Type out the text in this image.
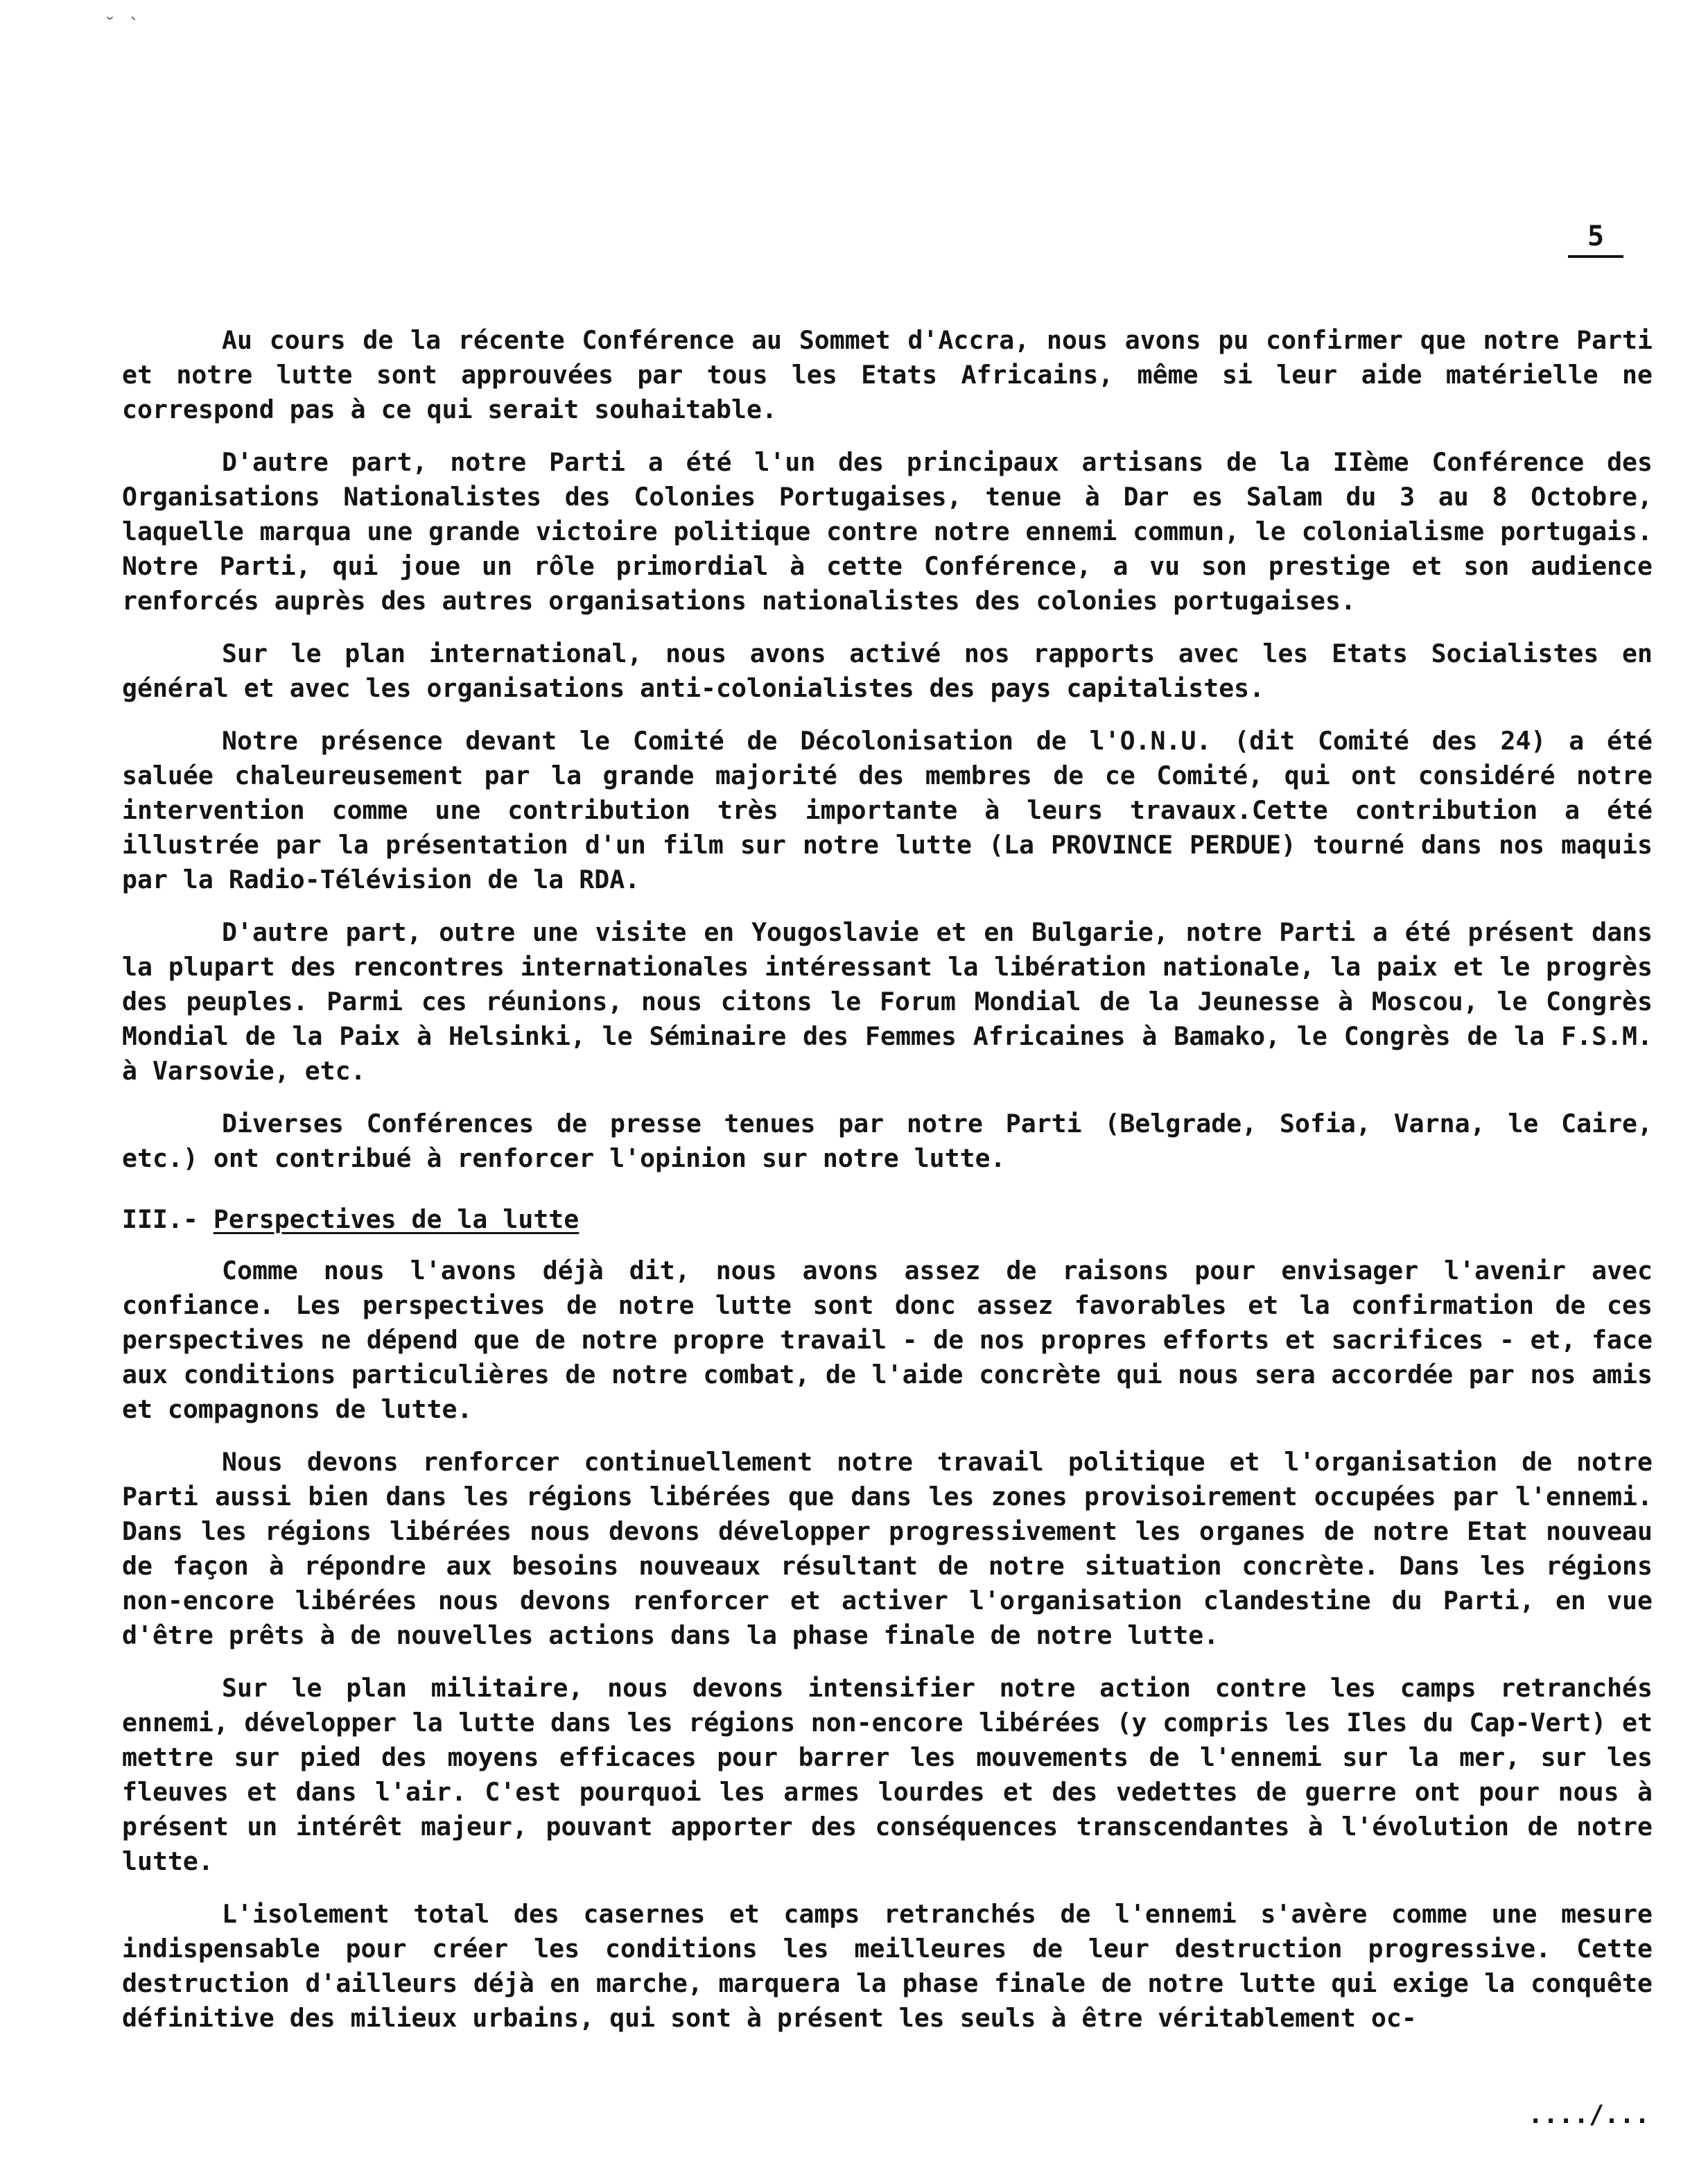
˘ ՝
5

Au cours de la récente Conférence au Sommet d'Accra, nous avons pu confirmer que notre Parti et notre lutte sont approuvées par tous les Etats Africains, même si leur aide matérielle ne correspond pas à ce qui serait souhaitable.

D'autre part, notre Parti a été l'un des principaux artisans de la IIème Conférence des Organisations Nationalistes des Colonies Portugaises, tenue à Dar es Salam du 3 au 8 Octobre, laquelle marqua une grande victoire politique contre notre ennemi commun, le colonialisme portugais. Notre Parti, qui joue un rôle primordial à cette Conférence, a vu son prestige et son audience renforcés auprès des autres organisations nationalistes des colonies portugaises.

Sur le plan international, nous avons activé nos rapports avec les Etats Socialistes en général et avec les organisations anti-colonialistes des pays capitalistes.

Notre présence devant le Comité de Décolonisation de l'O.N.U. (dit Comité des 24) a été saluée chaleureusement par la grande majorité des membres de ce Comité, qui ont considéré notre intervention comme une contribution très importante à leurs travaux.Cette contribution a été illustrée par la présentation d'un film sur notre lutte (La PROVINCE PERDUE) tourné dans nos maquis par la Radio-Télévision de la RDA.

D'autre part, outre une visite en Yougoslavie et en Bulgarie, notre Parti a été présent dans la plupart des rencontres internationales intéressant la libération nationale, la paix et le progrès des peuples. Parmi ces réunions, nous citons le Forum Mondial de la Jeunesse à Moscou, le Congrès Mondial de la Paix à Helsinki, le Séminaire des Femmes Africaines à Bamako, le Congrès de la F.S.M. à Varsovie, etc.

Diverses Conférences de presse tenues par notre Parti (Belgrade, Sofia, Varna, le Caire, etc.) ont contribué à renforcer l'opinion sur notre lutte.

III.- Perspectives de la lutte

Comme nous l'avons déjà dit, nous avons assez de raisons pour envisager l'avenir avec confiance. Les perspectives de notre lutte sont donc assez favorables et la confirmation de ces perspectives ne dépend que de notre propre travail - de nos propres efforts et sacrifices - et, face aux conditions particulières de notre combat, de l'aide concrète qui nous sera accordée par nos amis et compagnons de lutte.

Nous devons renforcer continuellement notre travail politique et l'organisation de notre Parti aussi bien dans les régions libérées que dans les zones provisoirement occupées par l'ennemi. Dans les régions libérées nous devons développer progressivement les organes de notre Etat nouveau de façon à répondre aux besoins nouveaux résultant de notre situation concrète. Dans les régions non-encore libérées nous devons renforcer et activer l'organisation clandestine du Parti, en vue d'être prêts à de nouvelles actions dans la phase finale de notre lutte.

Sur le plan militaire, nous devons intensifier notre action contre les camps retranchés ennemi, développer la lutte dans les régions non-encore libérées (y compris les Iles du Cap-Vert) et mettre sur pied des moyens efficaces pour barrer les mouvements de l'ennemi sur la mer, sur les fleuves et dans l'air. C'est pourquoi les armes lourdes et des vedettes de guerre ont pour nous à présent un intérêt majeur, pouvant apporter des conséquences transcendantes à l'évolution de notre lutte.

L'isolement total des casernes et camps retranchés de l'ennemi s'avère comme une mesure indispensable pour créer les conditions les meilleures de leur destruction progressive. Cette destruction d'ailleurs déjà en marche, marquera la phase finale de notre lutte qui exige la conquête définitive des milieux urbains, qui sont à présent les seuls à être véritablement oc-

..../...
